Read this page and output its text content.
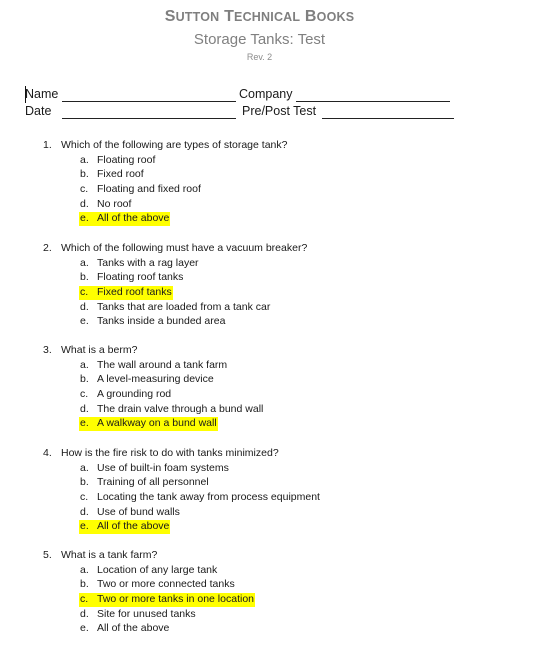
SUTTON TECHNICAL BOOKS
Storage Tanks: Test
Rev. 2
Name	Company
Date	Pre/Post Test
1. Which of the following are types of storage tank?
a. Floating roof
b. Fixed roof
c. Floating and fixed roof
d. No roof
e. All of the above
2. Which of the following must have a vacuum breaker?
a. Tanks with a rag layer
b. Floating roof tanks
c. Fixed roof tanks
d. Tanks that are loaded from a tank car
e. Tanks inside a bunded area
3. What is a berm?
a. The wall around a tank farm
b. A level-measuring device
c. A grounding rod
d. The drain valve through a bund wall
e. A walkway on a bund wall
4. How is the fire risk to do with tanks minimized?
a. Use of built-in foam systems
b. Training of all personnel
c. Locating the tank away from process equipment
d. Use of bund walls
e. All of the above
5. What is a tank farm?
a. Location of any large tank
b. Two or more connected tanks
c. Two or more tanks in one location
d. Site for unused tanks
e. All of the above
